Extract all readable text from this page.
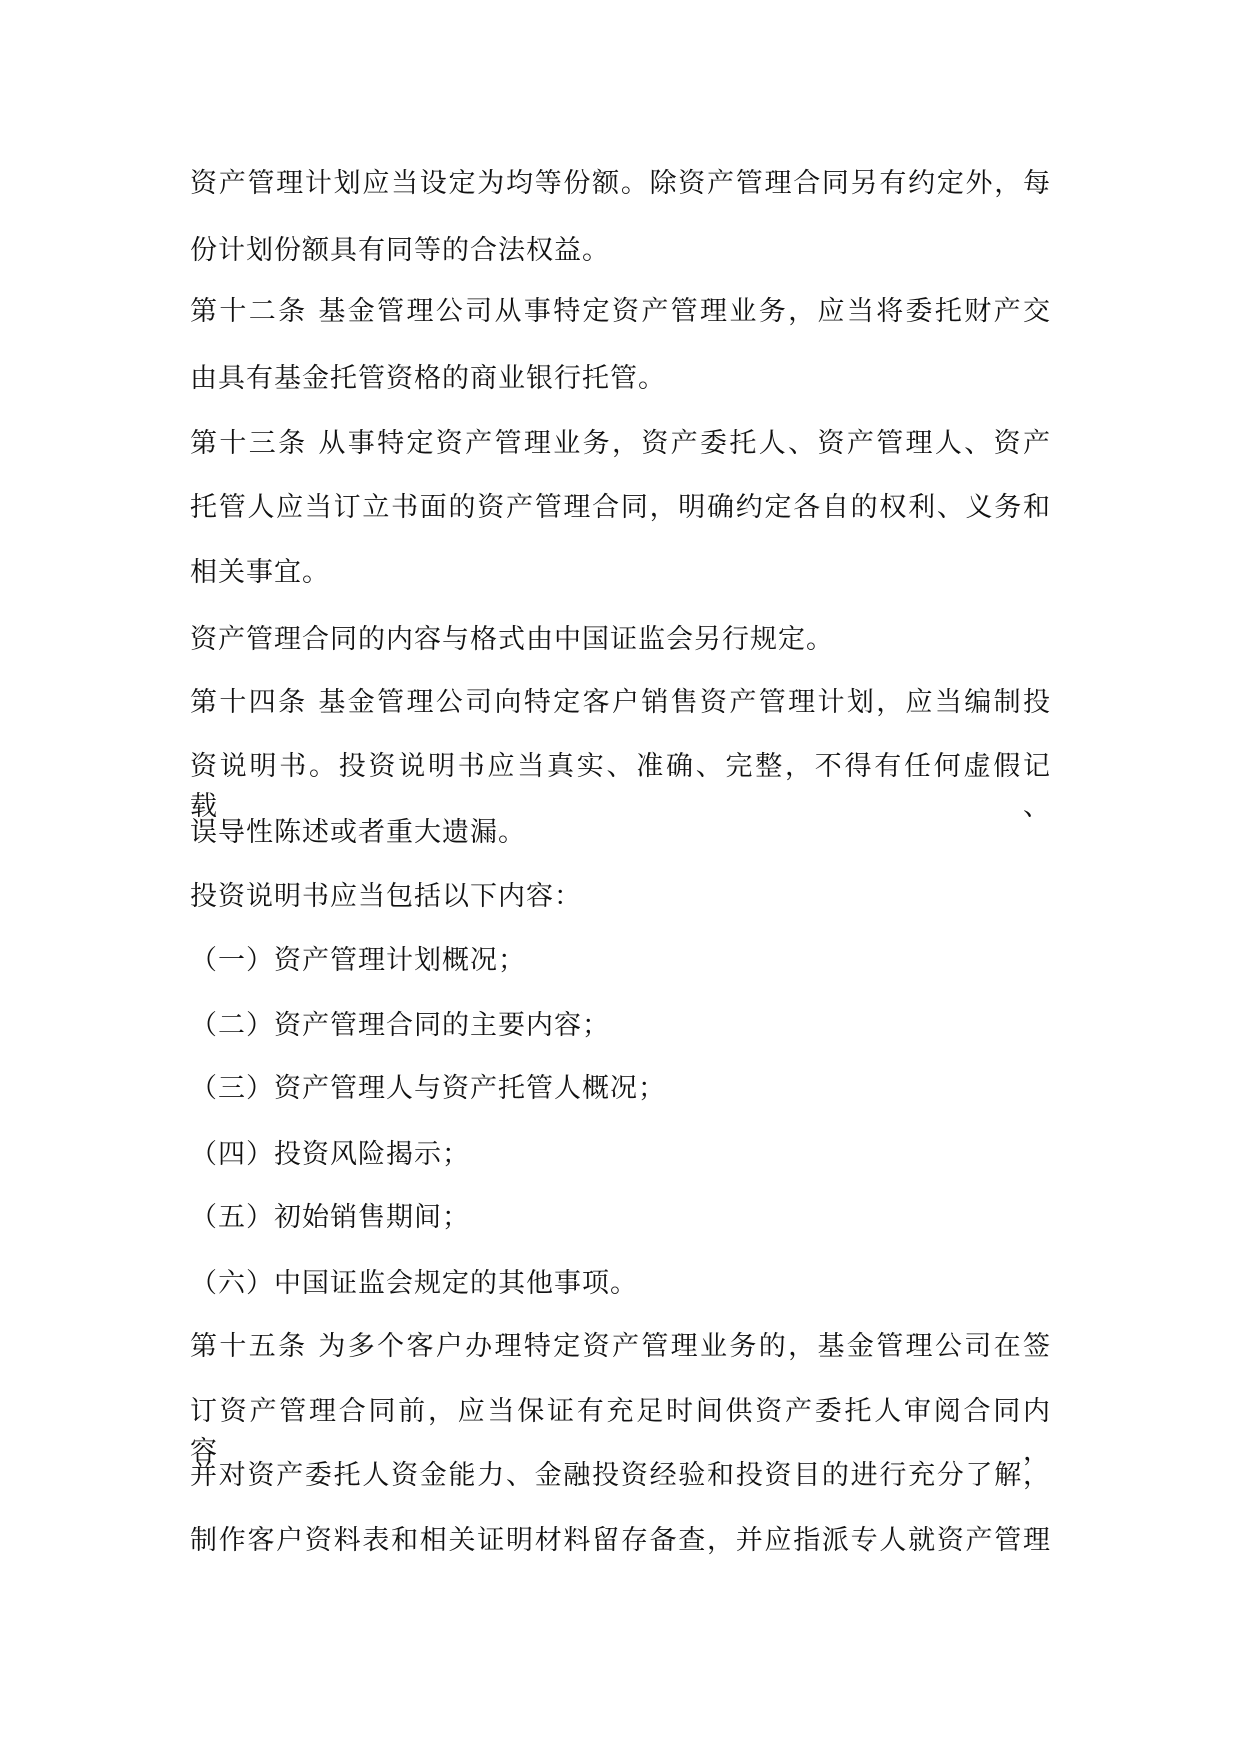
资产管理计划应当设定为均等份额。除资产管理合同另有约定外，每
份计划份额具有同等的合法权益。
第十二条 基金管理公司从事特定资产管理业务，应当将委托财产交
由具有基金托管资格的商业银行托管。
第十三条 从事特定资产管理业务，资产委托人、资产管理人、资产
托管人应当订立书面的资产管理合同，明确约定各自的权利、义务和
相关事宜。
资产管理合同的内容与格式由中国证监会另行规定。
第十四条 基金管理公司向特定客户销售资产管理计划，应当编制投
资说明书。投资说明书应当真实、准确、完整，不得有任何虚假记载、
误导性陈述或者重大遗漏。
投资说明书应当包括以下内容：
（一）资产管理计划概况；
（二）资产管理合同的主要内容；
（三）资产管理人与资产托管人概况；
（四）投资风险揭示；
（五）初始销售期间；
（六）中国证监会规定的其他事项。
第十五条 为多个客户办理特定资产管理业务的，基金管理公司在签
订资产管理合同前，应当保证有充足时间供资产委托人审阅合同内容，
并对资产委托人资金能力、金融投资经验和投资目的进行充分了解，
制作客户资料表和相关证明材料留存备查，并应指派专人就资产管理
